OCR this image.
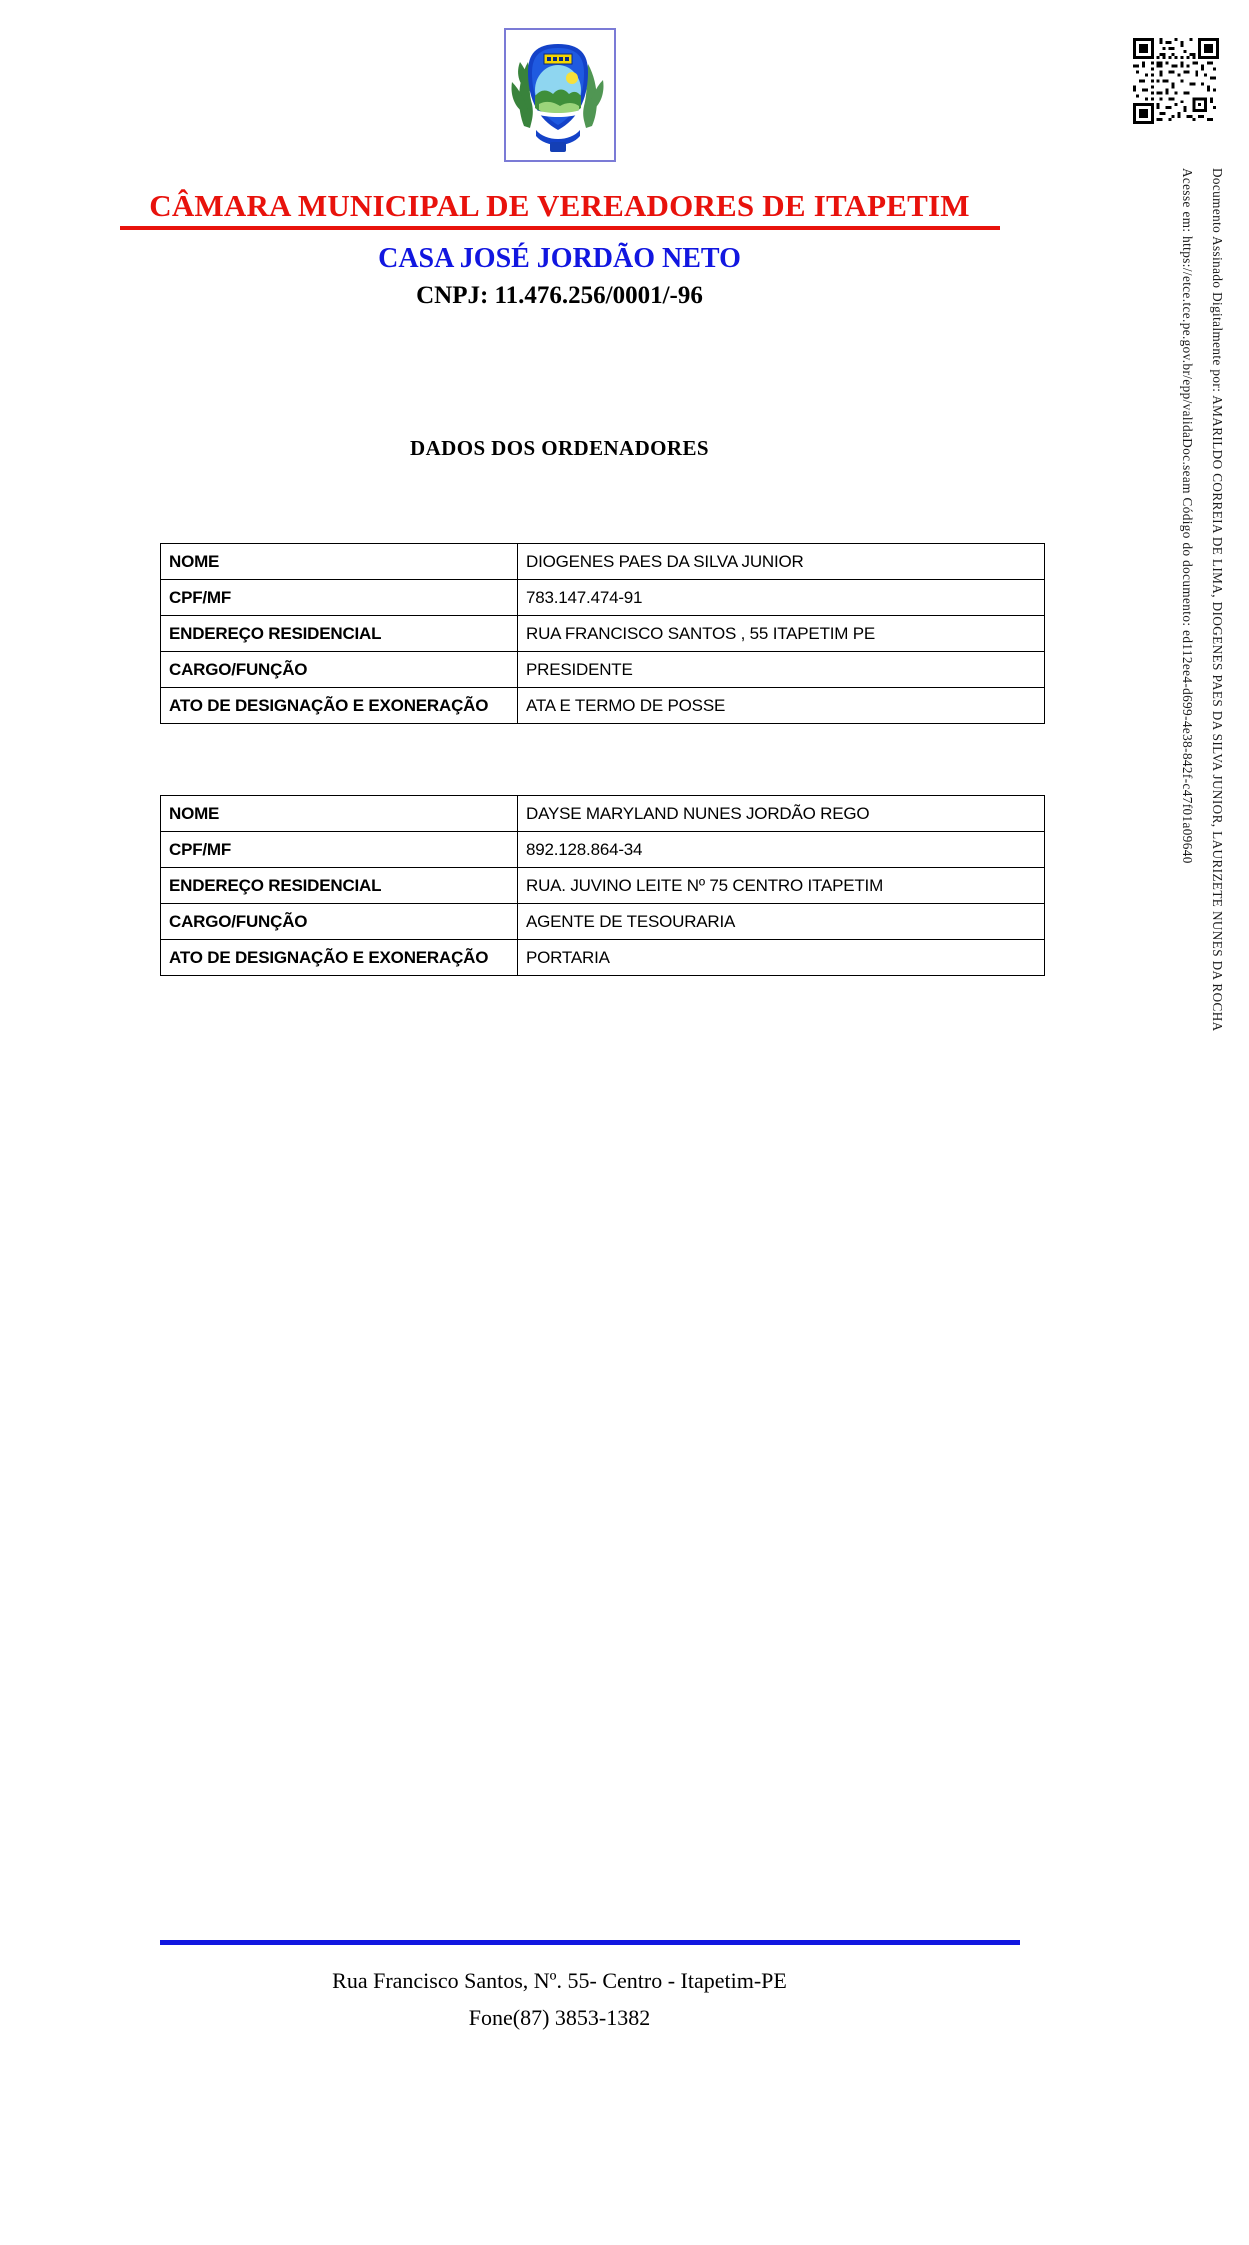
CÂMARA MUNICIPAL DE VEREADORES DE ITAPETIM
CASA JOSÉ JORDÃO NETO
CNPJ: 11.476.256/0001/-96
DADOS DOS ORDENADORES
NOME	DIOGENES PAES DA SILVA JUNIOR
CPF/MF	783.147.474-91
ENDEREÇO RESIDENCIAL	RUA FRANCISCO SANTOS , 55 ITAPETIM PE
CARGO/FUNÇÃO	PRESIDENTE
ATO DE DESIGNAÇÃO E EXONERAÇÃO	ATA E TERMO DE POSSE
NOME	DAYSE MARYLAND NUNES JORDÃO REGO
CPF/MF	892.128.864-34
ENDEREÇO RESIDENCIAL	RUA. JUVINO LEITE Nº 75 CENTRO ITAPETIM
CARGO/FUNÇÃO	AGENTE DE TESOURARIA
ATO DE DESIGNAÇÃO E EXONERAÇÃO	PORTARIA
Rua Francisco Santos, Nº. 55- Centro - Itapetim-PE
Fone(87) 3853-1382
Documento Assinado Digitalmente por: AMARILDO CORREIA DE LIMA, DIOGENES PAES DA SILVA JUNIOR, LAURIZETE NUNES DA ROCHA
Acesse em: https://etce.tce.pe.gov.br/epp/validaDoc.seam Código do documento: ed112ee4-d699-4e38-842f-c47f01a09640
